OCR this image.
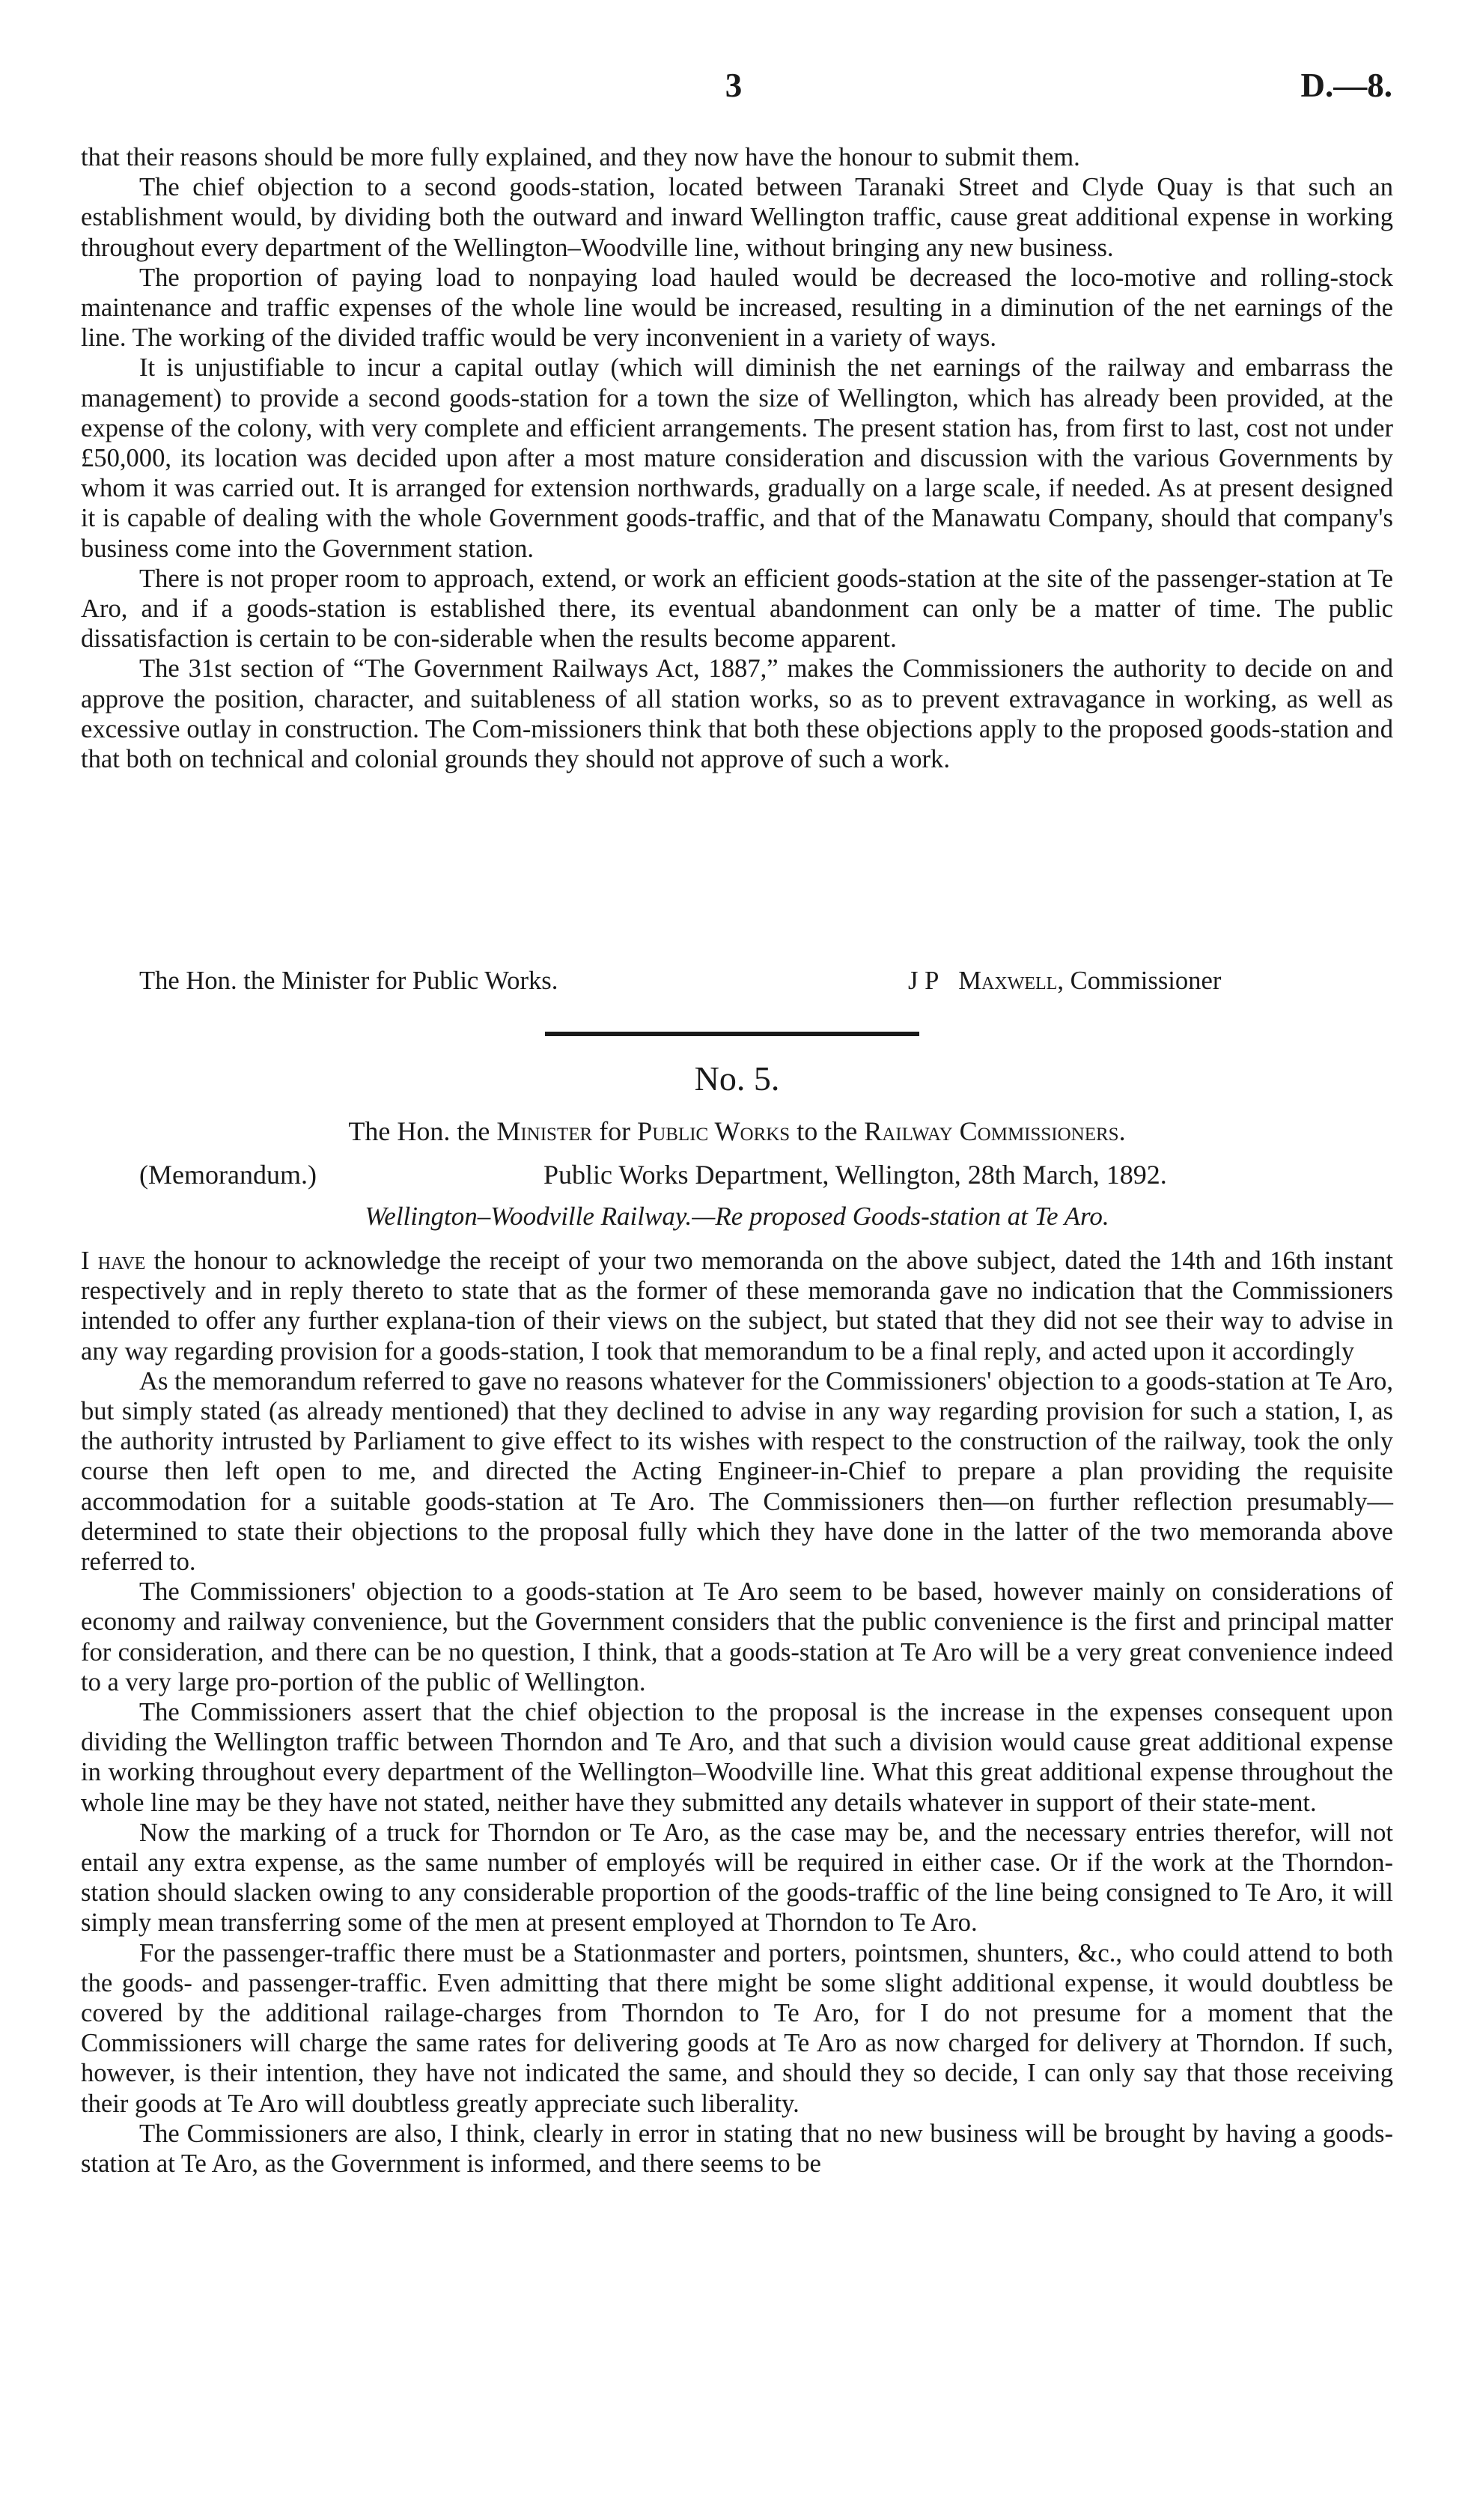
3	D.—8.

that their reasons should be more fully explained, and they now have the honour to submit them.

The chief objection to a second goods-station, located between Taranaki Street and Clyde Quay is that such an establishment would, by dividing both the outward and inward Wellington traffic, cause great additional expense in working throughout every department of the Wellington–Woodville line, without bringing any new business.

The proportion of paying load to nonpaying load hauled would be decreased the loco-motive and rolling-stock maintenance and traffic expenses of the whole line would be increased, resulting in a diminution of the net earnings of the line. The working of the divided traffic would be very inconvenient in a variety of ways.

It is unjustifiable to incur a capital outlay (which will diminish the net earnings of the railway and embarrass the management) to provide a second goods-station for a town the size of Wellington, which has already been provided, at the expense of the colony, with very complete and efficient arrangements. The present station has, from first to last, cost not under £50,000, its location was decided upon after a most mature consideration and discussion with the various Governments by whom it was carried out. It is arranged for extension northwards, gradually on a large scale, if needed. As at present designed it is capable of dealing with the whole Government goods-traffic, and that of the Manawatu Company, should that company's business come into the Government station.

There is not proper room to approach, extend, or work an efficient goods-station at the site of the passenger-station at Te Aro, and if a goods-station is established there, its eventual abandonment can only be a matter of time. The public dissatisfaction is certain to be con-siderable when the results become apparent.

The 31st section of “The Government Railways Act, 1887,” makes the Commissioners the authority to decide on and approve the position, character, and suitableness of all station works, so as to prevent extravagance in working, as well as excessive outlay in construction. The Com-missioners think that both these objections apply to the proposed goods-station and that both on technical and colonial grounds they should not approve of such a work.

The Hon. the Minister for Public Works.	J P Maxwell, Commissioner
No. 5.
The Hon. the Minister for Public Works to the Railway Commissioners.
(Memorandum.)	Public Works Department, Wellington, 28th March, 1892.
Wellington–Woodville Railway.—Re proposed Goods-station at Te Aro.

I have the honour to acknowledge the receipt of your two memoranda on the above subject, dated the 14th and 16th instant respectively and in reply thereto to state that as the former of these memoranda gave no indication that the Commissioners intended to offer any further explana-tion of their views on the subject, but stated that they did not see their way to advise in any way regarding provision for a goods-station, I took that memorandum to be a final reply, and acted upon it accordingly

As the memorandum referred to gave no reasons whatever for the Commissioners' objection to a goods-station at Te Aro, but simply stated (as already mentioned) that they declined to advise in any way regarding provision for such a station, I, as the authority intrusted by Parliament to give effect to its wishes with respect to the construction of the railway, took the only course then left open to me, and directed the Acting Engineer-in-Chief to prepare a plan providing the requisite accommodation for a suitable goods-station at Te Aro. The Commissioners then—on further reflection presumably—determined to state their objections to the proposal fully which they have done in the latter of the two memoranda above referred to.

The Commissioners' objection to a goods-station at Te Aro seem to be based, however mainly on considerations of economy and railway convenience, but the Government considers that the public convenience is the first and principal matter for consideration, and there can be no question, I think, that a goods-station at Te Aro will be a very great convenience indeed to a very large pro-portion of the public of Wellington.

The Commissioners assert that the chief objection to the proposal is the increase in the expenses consequent upon dividing the Wellington traffic between Thorndon and Te Aro, and that such a division would cause great additional expense in working throughout every department of the Wellington–Woodville line. What this great additional expense throughout the whole line may be they have not stated, neither have they submitted any details whatever in support of their state-ment.

Now the marking of a truck for Thorndon or Te Aro, as the case may be, and the necessary entries therefor, will not entail any extra expense, as the same number of employés will be required in either case. Or if the work at the Thorndon-station should slacken owing to any considerable proportion of the goods-traffic of the line being consigned to Te Aro, it will simply mean transferring some of the men at present employed at Thorndon to Te Aro.

For the passenger-traffic there must be a Stationmaster and porters, pointsmen, shunters, &c., who could attend to both the goods- and passenger-traffic. Even admitting that there might be some slight additional expense, it would doubtless be covered by the additional railage-charges from Thorndon to Te Aro, for I do not presume for a moment that the Commissioners will charge the same rates for delivering goods at Te Aro as now charged for delivery at Thorndon. If such, however, is their intention, they have not indicated the same, and should they so decide, I can only say that those receiving their goods at Te Aro will doubtless greatly appreciate such liberality.

The Commissioners are also, I think, clearly in error in stating that no new business will be brought by having a goods-station at Te Aro, as the Government is informed, and there seems to be
